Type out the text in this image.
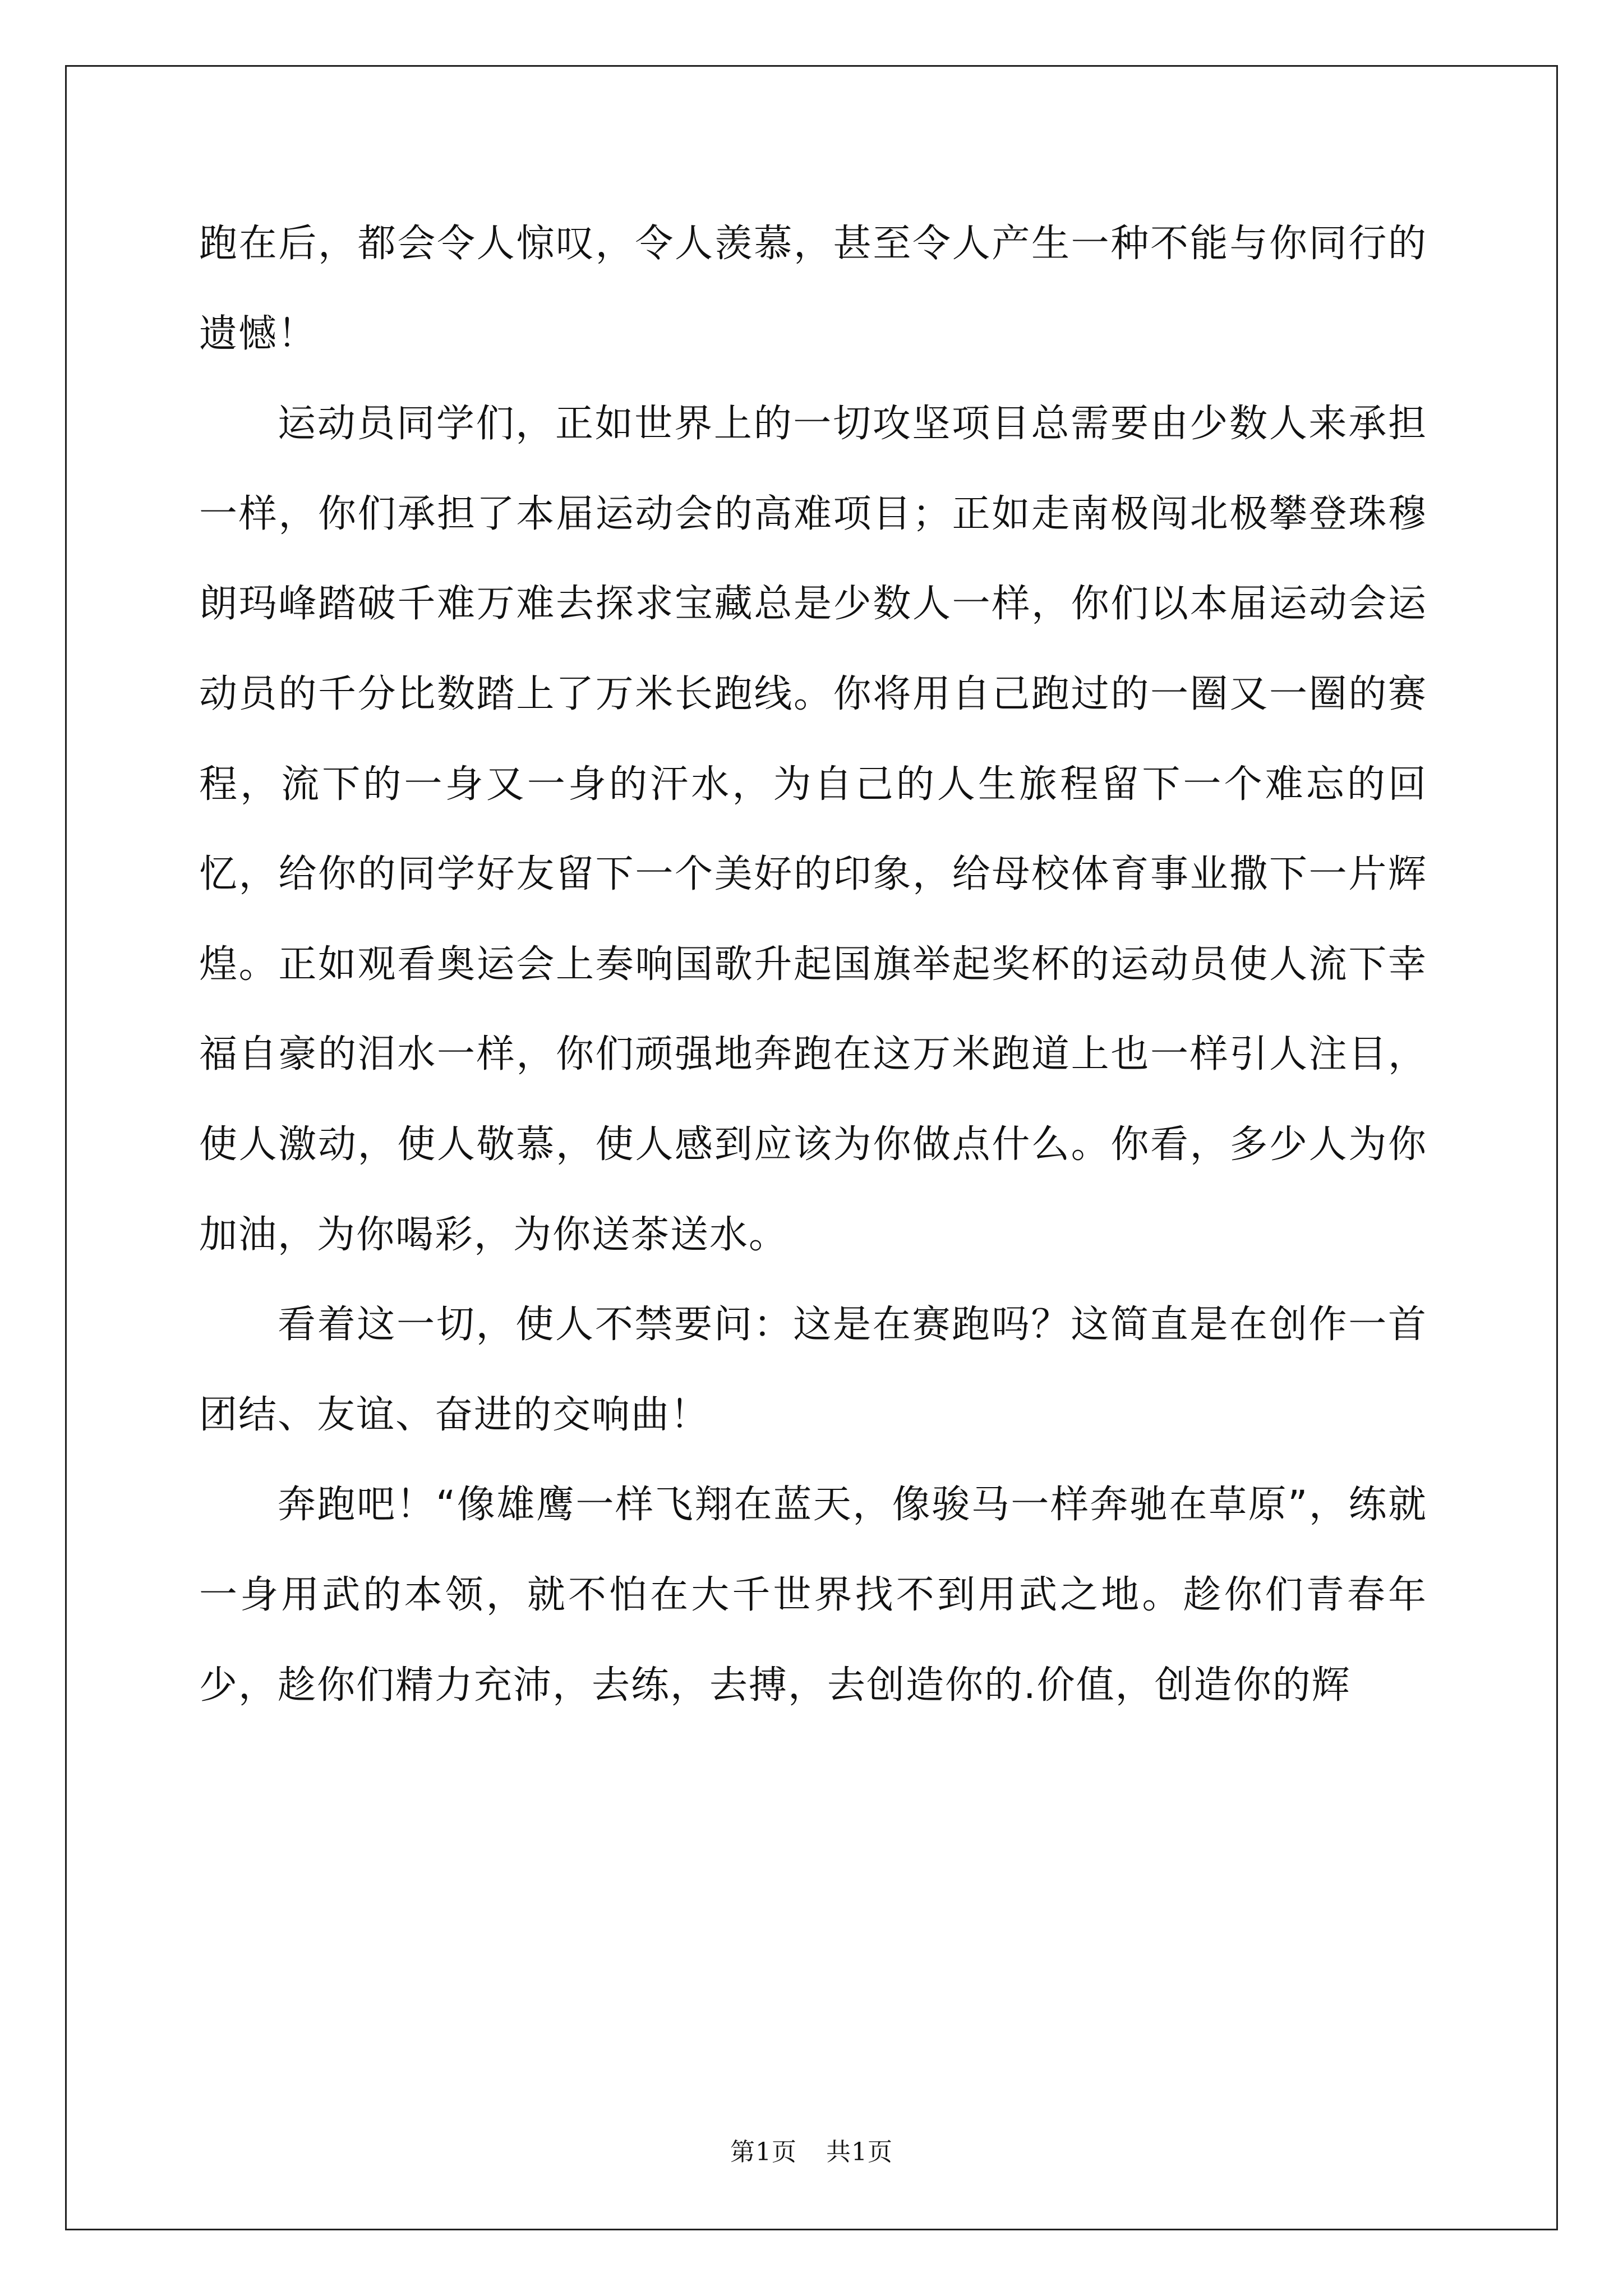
跑在后，都会令人惊叹，令人羡慕，甚至令人产生一种不能与你同行的遗憾！

运动员同学们，正如世界上的一切攻坚项目总需要由少数人来承担一样，你们承担了本届运动会的高难项目；正如走南极闯北极攀登珠穆朗玛峰踏破千难万难去探求宝藏总是少数人一样，你们以本届运动会运动员的千分比数踏上了万米长跑线。你将用自己跑过的一圈又一圈的赛程，流下的一身又一身的汗水，为自己的人生旅程留下一个难忘的回忆，给你的同学好友留下一个美好的印象，给母校体育事业撒下一片辉煌。正如观看奥运会上奏响国歌升起国旗举起奖杯的运动员使人流下幸福自豪的泪水一样，你们顽强地奔跑在这万米跑道上也一样引人注目，使人激动，使人敬慕，使人感到应该为你做点什么。你看，多少人为你加油，为你喝彩，为你送茶送水。

看着这一切，使人不禁要问：这是在赛跑吗？这简直是在创作一首团结、友谊、奋进的交响曲！

奔跑吧！“像雄鹰一样飞翔在蓝天，像骏马一样奔驰在草原”，练就一身用武的本领，就不怕在大千世界找不到用武之地。趁你们青春年少，趁你们精力充沛，去练，去搏，去创造你的.价值，创造你的辉

第1页 共1页
